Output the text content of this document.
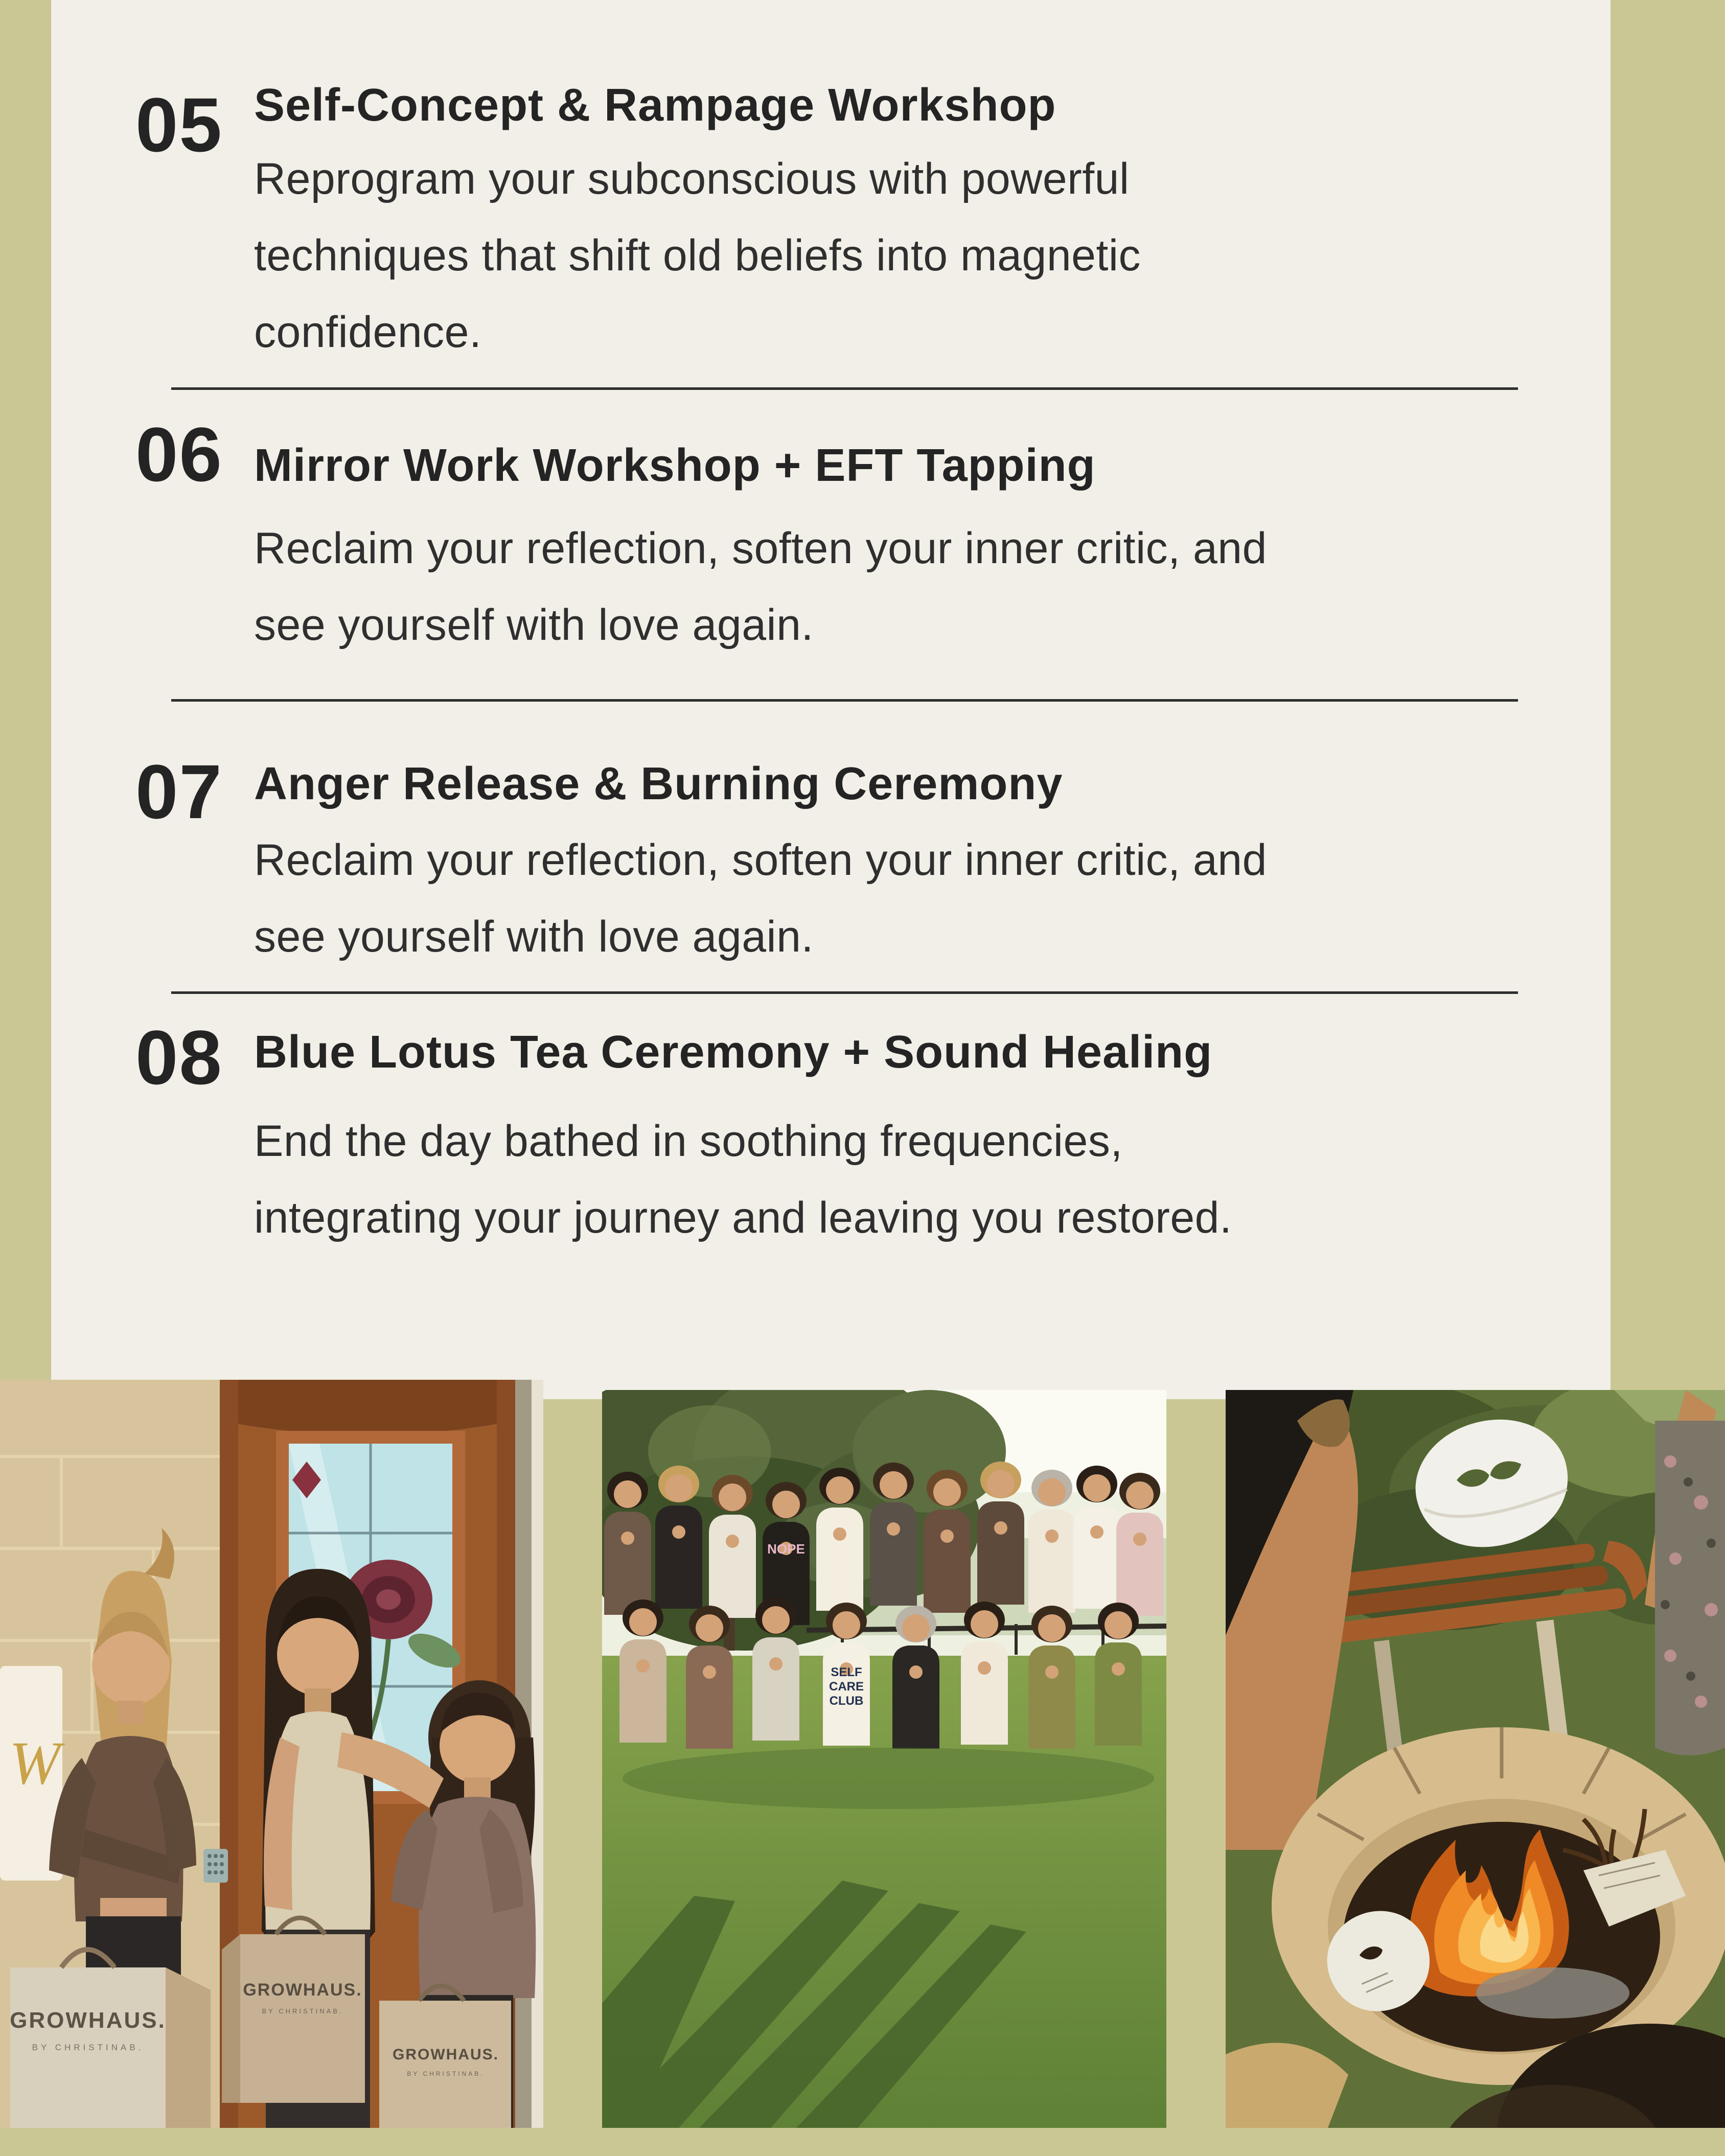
05 Self-Concept & Rampage Workshop

Reprogram your subconscious with powerful

techniques that shift old beliefs into magnetic

confidence.

06 Mirror Work Workshop + EFT Tapping

Reclaim your reflection, soften your inner critic, and

see yourself with love again.

07 Anger Release & Burning Ceremony

Reclaim your reflection, soften your inner critic, and

see yourself with love again.

08 Blue Lotus Tea Ceremony + Sound Healing

End the day bathed in soothing frequencies,

integrating your journey and leaving you restored.

W
GROWHAUS.
BY CHRISTINAB.
GROWHAUS.
BY CHRISTINAB.
GROWHAUS.
BY CHRISTINAB.
NOPE
SELF
CARE
CLUB
